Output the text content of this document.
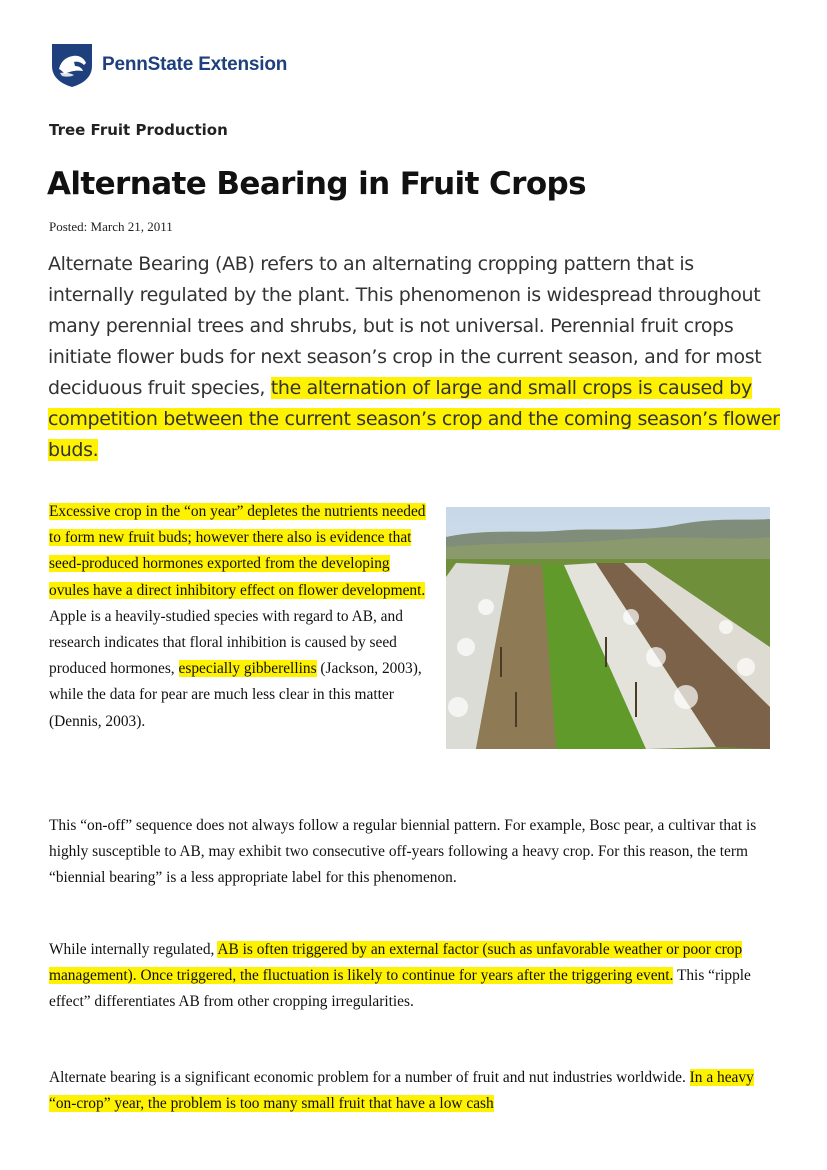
PennState Extension
Tree Fruit Production
Alternate Bearing in Fruit Crops
Posted: March 21, 2011

Alternate Bearing (AB) refers to an alternating cropping pattern that is internally regulated by the plant. This phenomenon is widespread throughout many perennial trees and shrubs, but is not universal. Perennial fruit crops initiate flower buds for next season’s crop in the current season, and for most deciduous fruit species, the alternation of large and small crops is caused by competition between the current season’s crop and the coming season’s flower buds.

Excessive crop in the “on year” depletes the nutrients needed to form new fruit buds; however there also is evidence that seed-produced hormones exported from the developing ovules have a direct inhibitory effect on flower development. Apple is a heavily-studied species with regard to AB, and research indicates that floral inhibition is caused by seed produced hormones, especially gibberellins (Jackson, 2003), while the data for pear are much less clear in this matter (Dennis, 2003).

This “on-off” sequence does not always follow a regular biennial pattern. For example, Bosc pear, a cultivar that is highly susceptible to AB, may exhibit two consecutive off-years following a heavy crop. For this reason, the term “biennial bearing” is a less appropriate label for this phenomenon.

While internally regulated, AB is often triggered by an external factor (such as unfavorable weather or poor crop management). Once triggered, the fluctuation is likely to continue for years after the triggering event. This “ripple effect” differentiates AB from other cropping irregularities.

Alternate bearing is a significant economic problem for a number of fruit and nut industries worldwide. In a heavy “on-crop” year, the problem is too many small fruit that have a low cash
